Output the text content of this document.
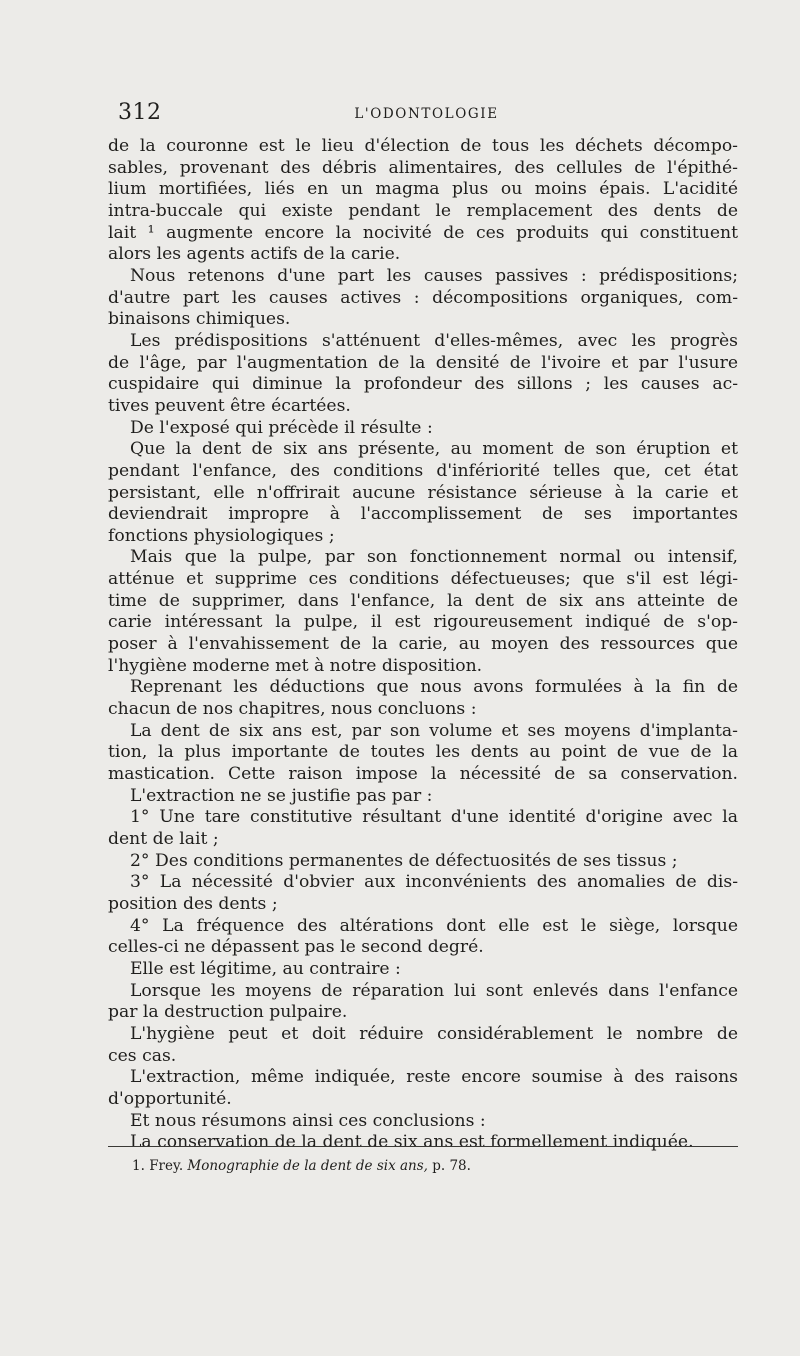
312	L'ODONTOLOGIE
de la couronne est le lieu d'élection de tous les déchets décompo-
sables, provenant des débris alimentaires, des cellules de l'épithé-
lium mortifiées, liés en un magma plus ou moins épais. L'acidité
intra-buccale qui existe pendant le remplacement des dents de
lait ¹ augmente encore la nocivité de ces produits qui constituent
alors les agents actifs de la carie.
Nous retenons d'une part les causes passives : prédispositions;
d'autre part les causes actives : décompositions organiques, com-
binaisons chimiques.
Les prédispositions s'atténuent d'elles-mêmes, avec les progrès
de l'âge, par l'augmentation de la densité de l'ivoire et par l'usure
cuspidaire qui diminue la profondeur des sillons ; les causes ac-
tives peuvent être écartées.
De l'exposé qui précède il résulte :
Que la dent de six ans présente, au moment de son éruption et
pendant l'enfance, des conditions d'infériorité telles que, cet état
persistant, elle n'offrirait aucune résistance sérieuse à la carie et
deviendrait impropre à l'accomplissement de ses importantes
fonctions physiologiques ;
Mais que la pulpe, par son fonctionnement normal ou intensif,
atténue et supprime ces conditions défectueuses; que s'il est légi-
time de supprimer, dans l'enfance, la dent de six ans atteinte de
carie intéressant la pulpe, il est rigoureusement indiqué de s'op-
poser à l'envahissement de la carie, au moyen des ressources que
l'hygiène moderne met à notre disposition.
Reprenant les déductions que nous avons formulées à la fin de
chacun de nos chapitres, nous concluons :
La dent de six ans est, par son volume et ses moyens d'implanta-
tion, la plus importante de toutes les dents au point de vue de la
mastication. Cette raison impose la nécessité de sa conservation.
L'extraction ne se justifie pas par :
1° Une tare constitutive résultant d'une identité d'origine avec la
dent de lait ;
2° Des conditions permanentes de défectuosités de ses tissus ;
3° La nécessité d'obvier aux inconvénients des anomalies de dis-
position des dents ;
4° La fréquence des altérations dont elle est le siège, lorsque
celles-ci ne dépassent pas le second degré.
Elle est légitime, au contraire :
Lorsque les moyens de réparation lui sont enlevés dans l'enfance
par la destruction pulpaire.
L'hygiène peut et doit réduire considérablement le nombre de
ces cas.
L'extraction, même indiquée, reste encore soumise à des raisons
d'opportunité.
Et nous résumons ainsi ces conclusions :
La conservation de la dent de six ans est formellement indiquée.
1. Frey. Monographie de la dent de six ans, p. 78.
